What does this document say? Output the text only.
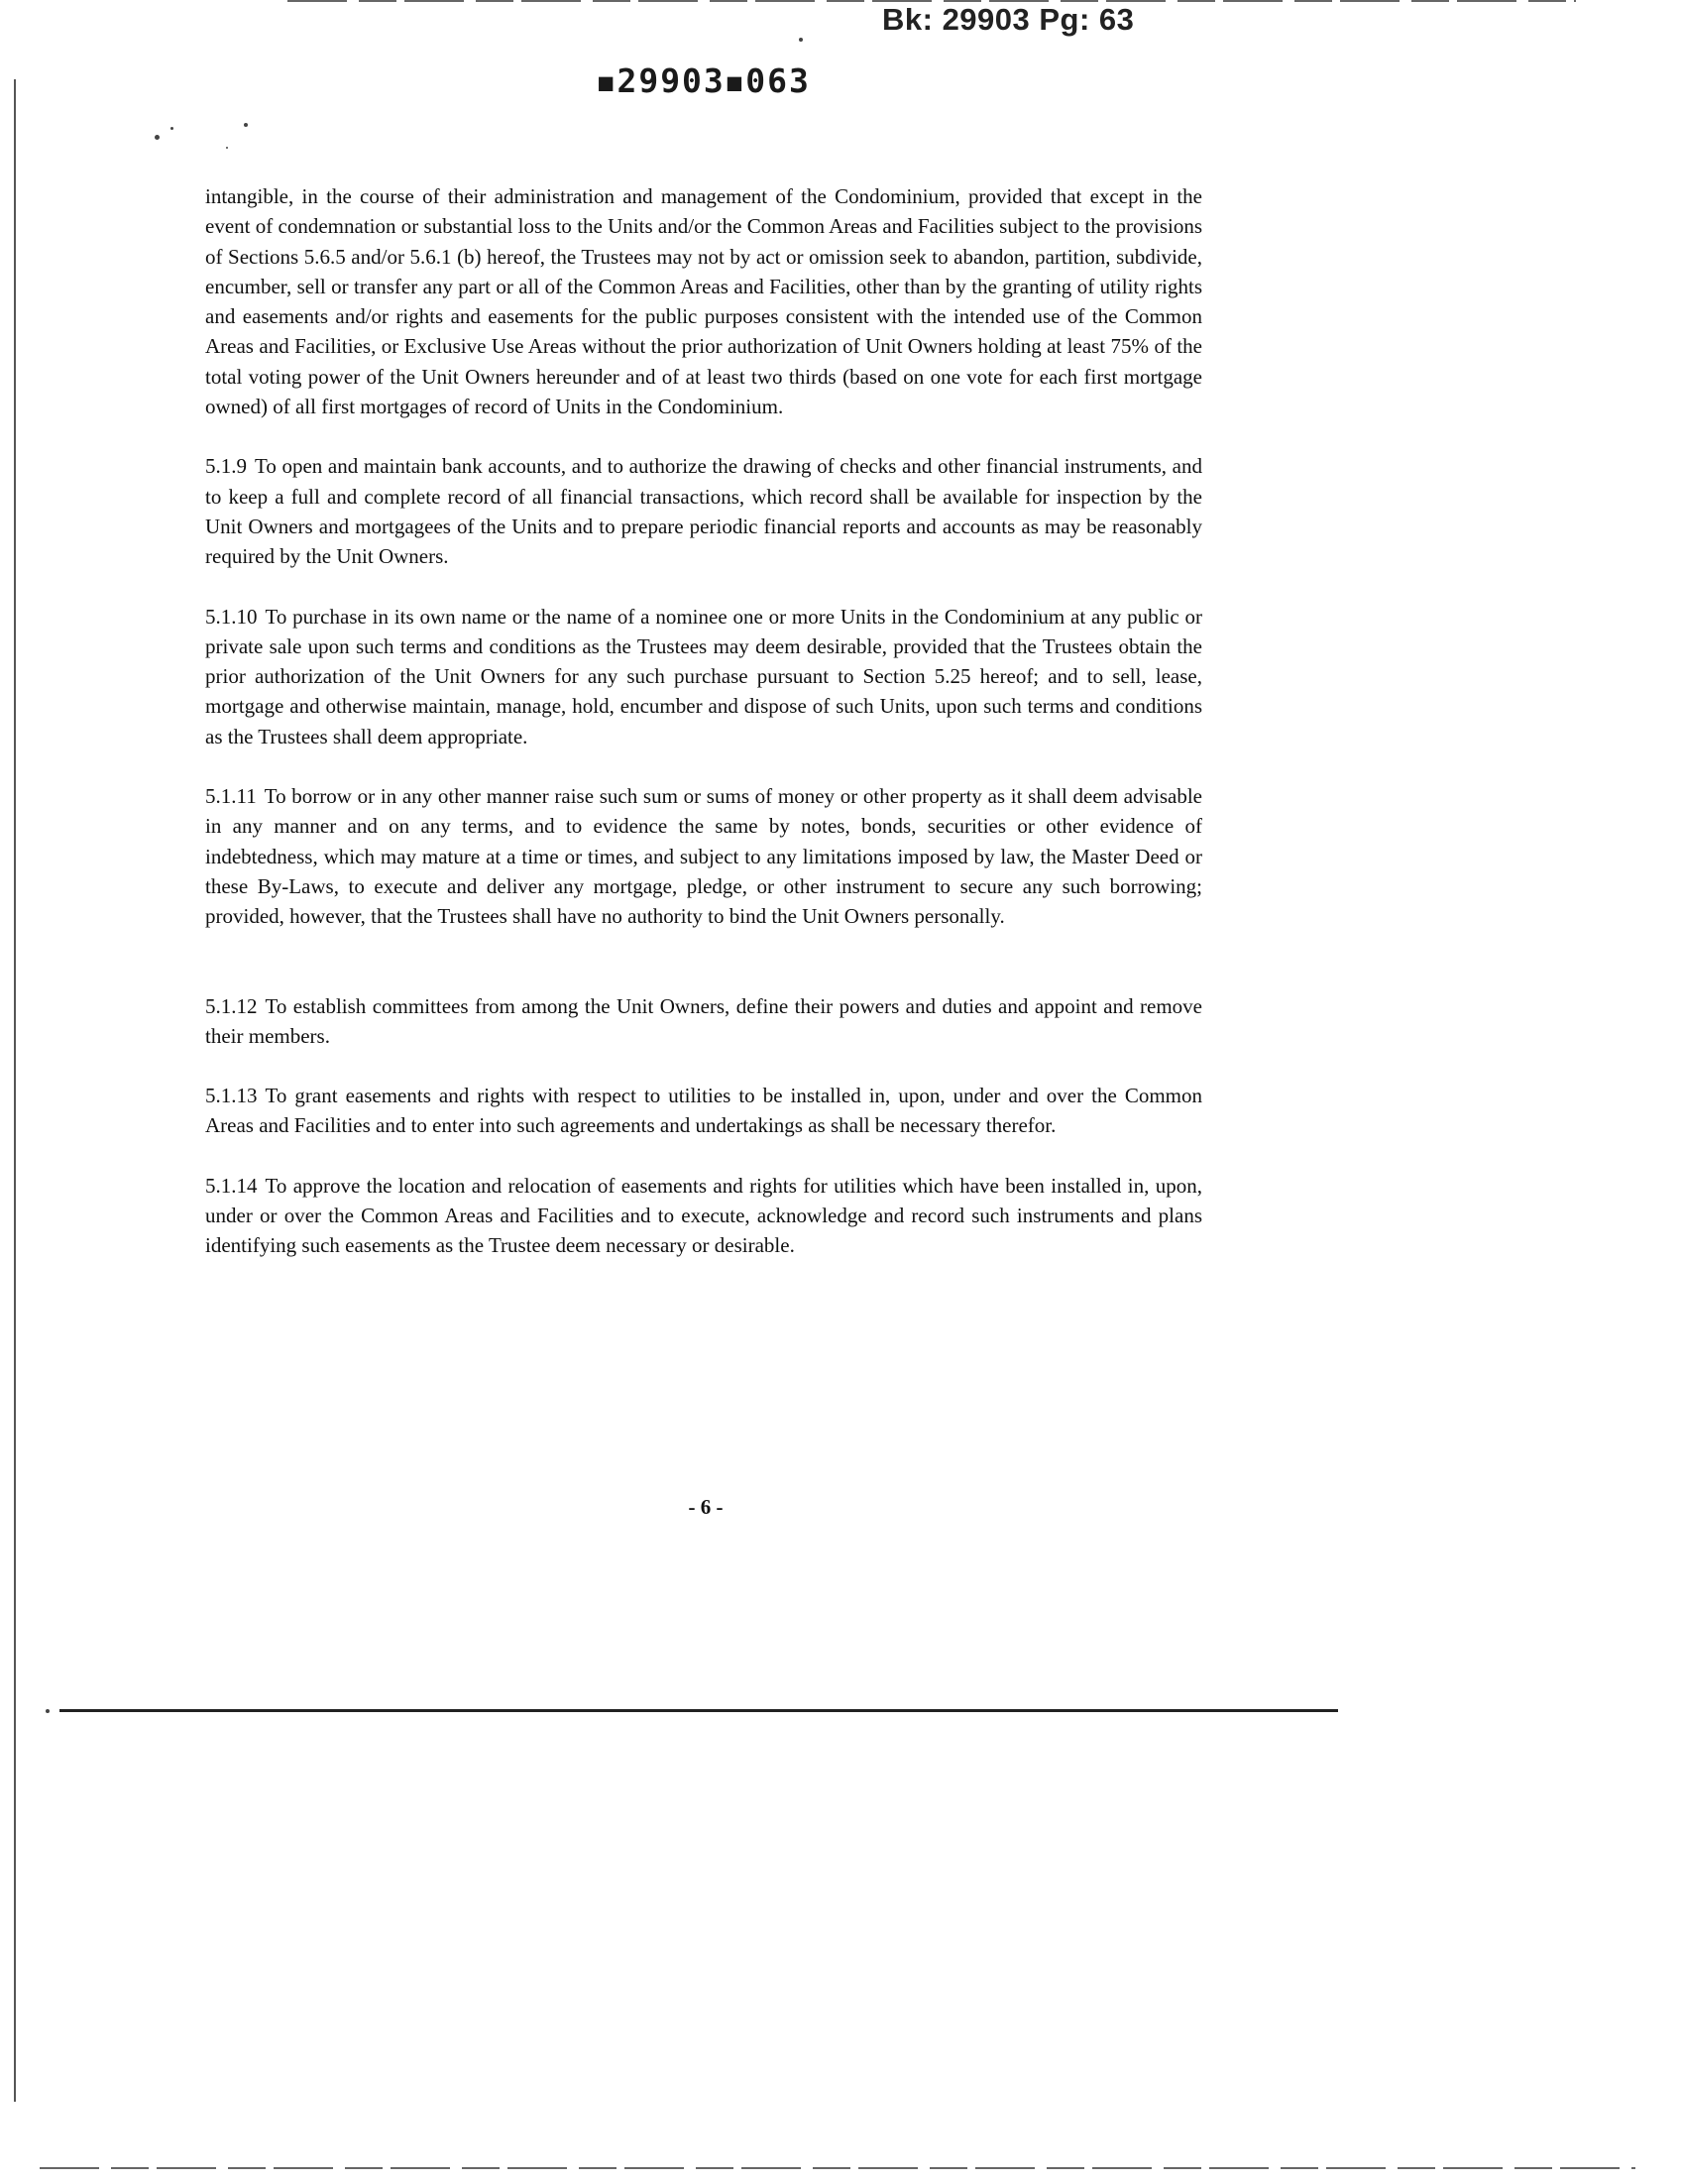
Bk: 29903 Pg: 63
■29903■063

intangible, in the course of their administration and management of the Condominium, provided that except in the event of condemnation or substantial loss to the Units and/or the Common Areas and Facilities subject to the provisions of Sections 5.6.5 and/or 5.6.1 (b) hereof, the Trustees may not by act or omission seek to abandon, partition, subdivide, encumber, sell or transfer any part or all of the Common Areas and Facilities, other than by the granting of utility rights and easements and/or rights and easements for the public purposes consistent with the intended use of the Common Areas and Facilities, or Exclusive Use Areas without the prior authorization of Unit Owners holding at least 75% of the total voting power of the Unit Owners hereunder and of at least two thirds (based on one vote for each first mortgage owned) of all first mortgages of record of Units in the Condominium.

5.1.9 To open and maintain bank accounts, and to authorize the drawing of checks and other financial instruments, and to keep a full and complete record of all financial transactions, which record shall be available for inspection by the Unit Owners and mortgagees of the Units and to prepare periodic financial reports and accounts as may be reasonably required by the Unit Owners.

5.1.10 To purchase in its own name or the name of a nominee one or more Units in the Condominium at any public or private sale upon such terms and conditions as the Trustees may deem desirable, provided that the Trustees obtain the prior authorization of the Unit Owners for any such purchase pursuant to Section 5.25 hereof; and to sell, lease, mortgage and otherwise maintain, manage, hold, encumber and dispose of such Units, upon such terms and conditions as the Trustees shall deem appropriate.

5.1.11 To borrow or in any other manner raise such sum or sums of money or other property as it shall deem advisable in any manner and on any terms, and to evidence the same by notes, bonds, securities or other evidence of indebtedness, which may mature at a time or times, and subject to any limitations imposed by law, the Master Deed or these By-Laws, to execute and deliver any mortgage, pledge, or other instrument to secure any such borrowing; provided, however, that the Trustees shall have no authority to bind the Unit Owners personally.

5.1.12 To establish committees from among the Unit Owners, define their powers and duties and appoint and remove their members.

5.1.13 To grant easements and rights with respect to utilities to be installed in, upon, under and over the Common Areas and Facilities and to enter into such agreements and undertakings as shall be necessary therefor.

5.1.14 To approve the location and relocation of easements and rights for utilities which have been installed in, upon, under or over the Common Areas and Facilities and to execute, acknowledge and record such instruments and plans identifying such easements as the Trustee deem necessary or desirable.

- 6 -
